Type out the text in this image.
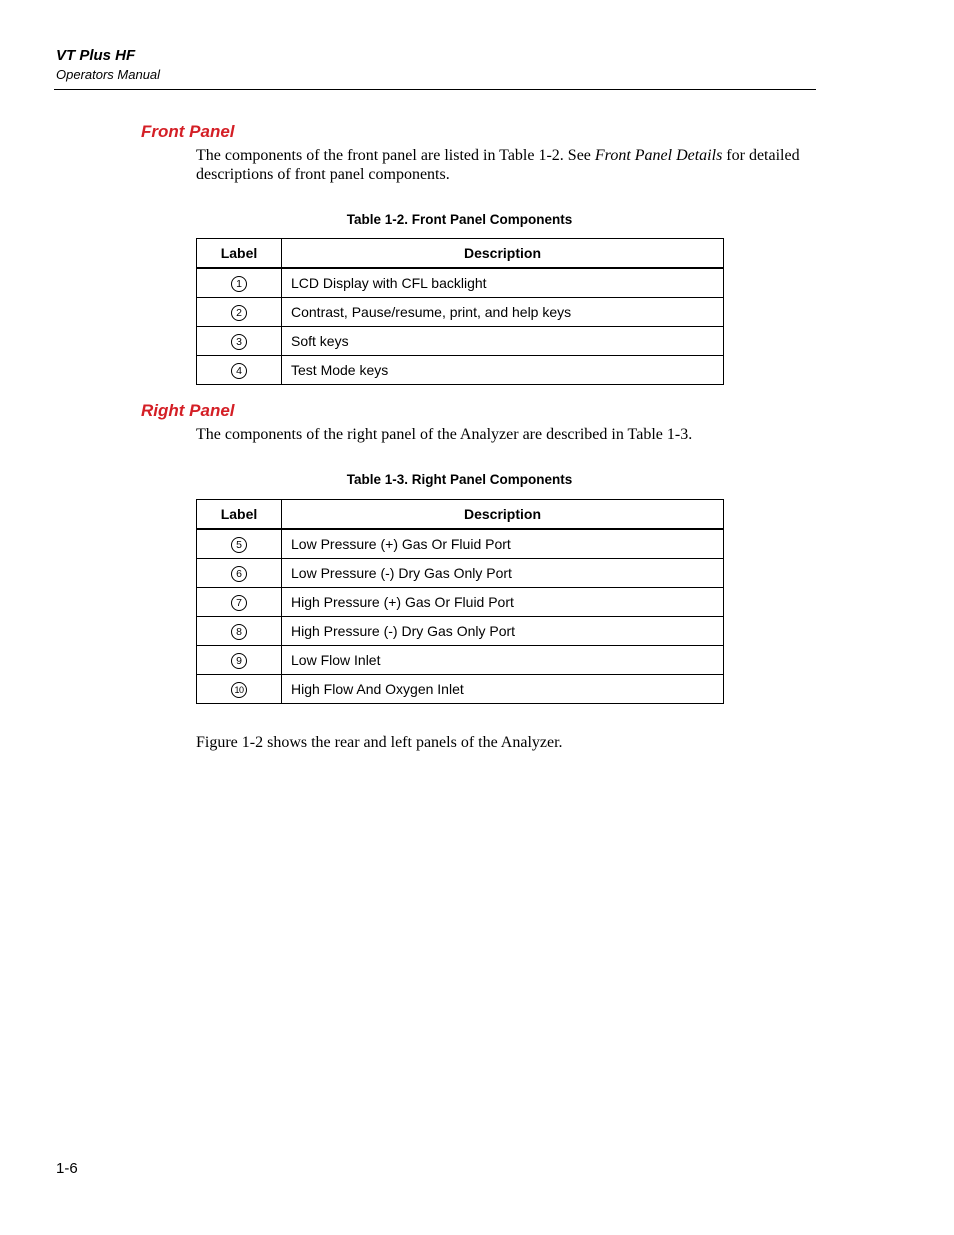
VT Plus HF
Operators Manual
Front Panel

The components of the front panel are listed in Table 1-2. See Front Panel Details for detailed descriptions of front panel components.

Table 1-2. Front Panel Components
Label	Description
1	LCD Display with CFL backlight
2	Contrast, Pause/resume, print, and help keys
3	Soft keys
4	Test Mode keys
Right Panel

The components of the right panel of the Analyzer are described in Table 1-3.

Table 1-3. Right Panel Components
Label	Description
5	Low Pressure (+) Gas Or Fluid Port
6	Low Pressure (-) Dry Gas Only Port
7	High Pressure (+) Gas Or Fluid Port
8	High Pressure (-) Dry Gas Only Port
9	Low Flow Inlet
10	High Flow And Oxygen Inlet

Figure 1-2 shows the rear and left panels of the Analyzer.

1-6
